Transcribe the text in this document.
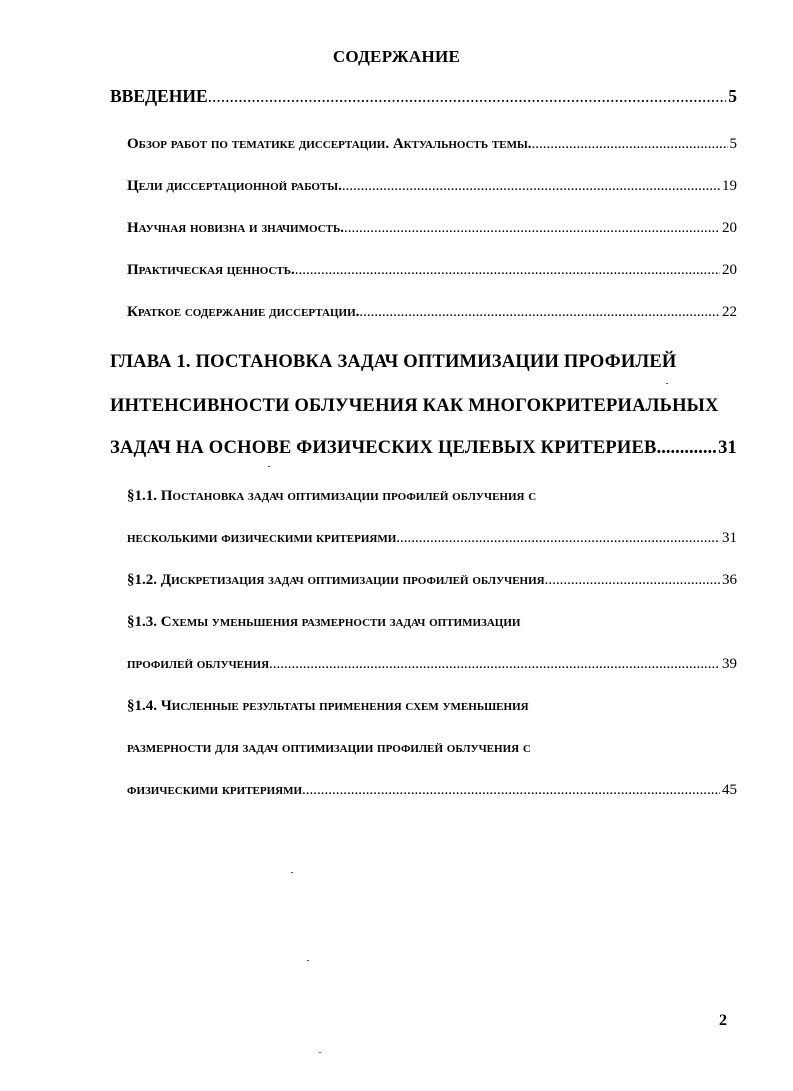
СОДЕРЖАНИЕ
ВВЕДЕНИЕ .....	5
Обзор работ по тематике диссертации. Актуальность темы. .....	5
Цели диссертационной работы. .....	19
Научная новизна и значимость. .....	20
Практическая ценность. .....	20
Краткое содержание диссертации. .....	22
ГЛАВА 1. ПОСТАНОВКА ЗАДАЧ ОПТИМИЗАЦИИ ПРОФИЛЕЙ
ИНТЕНСИВНОСТИ ОБЛУЧЕНИЯ КАК МНОГОКРИТЕРИАЛЬНЫХ
ЗАДАЧ НА ОСНОВЕ ФИЗИЧЕСКИХ ЦЕЛЕВЫХ КРИТЕРИЕВ .....	31
§1.1. Постановка задач оптимизации профилей облучения с
несколькими физическими критериями .....	31
§1.2. Дискретизация задач оптимизации профилей облучения .....	36
§1.3. Схемы уменьшения размерности задач оптимизации
профилей облучения .....	39
§1.4. Численные результаты применения схем уменьшения
размерности для задач оптимизации профилей облучения с
физическими критериями .....	45
2
